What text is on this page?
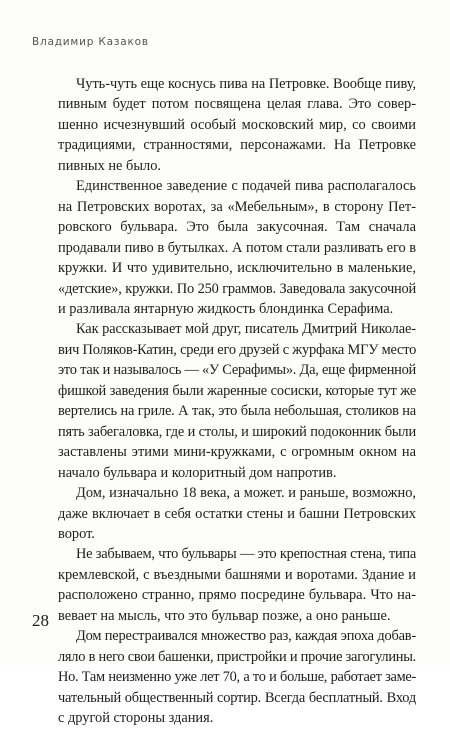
Владимир Казаков
Чуть-чуть еще коснусь пива на Петровке. Вообще пиву,
пивным будет потом посвящена целая глава. Это совер-
шенно исчезнувший особый московский мир, со своими
традициями, странностями, персонажами. На Петровке
пивных не было.
Единственное заведение с подачей пива располагалось
на Петровских воротах, за «Мебельным», в сторону Пет-
ровского бульвара. Это была закусочная. Там сначала
продавали пиво в бутылках. А потом стали разливать его в
кружки. И что удивительно, исключительно в маленькие,
«детские», кружки. По 250 граммов. Заведовала закусочной
и разливала янтарную жидкость блондинка Серафима.
Как рассказывает мой друг, писатель Дмитрий Николае-
вич Поляков-Катин, среди его друзей с журфака МГУ место
это так и называлось — «У Серафимы». Да, еще фирменной
фишкой заведения были жаренные сосиски, которые тут же
вертелись на гриле. А так, это была небольшая, столиков на
пять забегаловка, где и столы, и широкий подоконник были
заставлены этими мини-кружками, с огромным окном на
начало бульвара и колоритный дом напротив.
Дом, изначально 18 века, а может. и раньше, возможно,
даже включает в себя остатки стены и башни Петровских
ворот.
Не забываем, что бульвары — это крепостная стена, типа
кремлевской, с въездными башнями и воротами. Здание и
расположено странно, прямо посредине бульвара. Что на-
вевает на мысль, что это бульвар позже, а оно раньше.
Дом перестраивался множество раз, каждая эпоха добав-
ляло в него свои башенки, пристройки и прочие загогулины.
Но. Там неизменно уже лет 70, а то и больше, работает заме-
чательный общественный сортир. Всегда бесплатный. Вход
с другой стороны здания.
28
